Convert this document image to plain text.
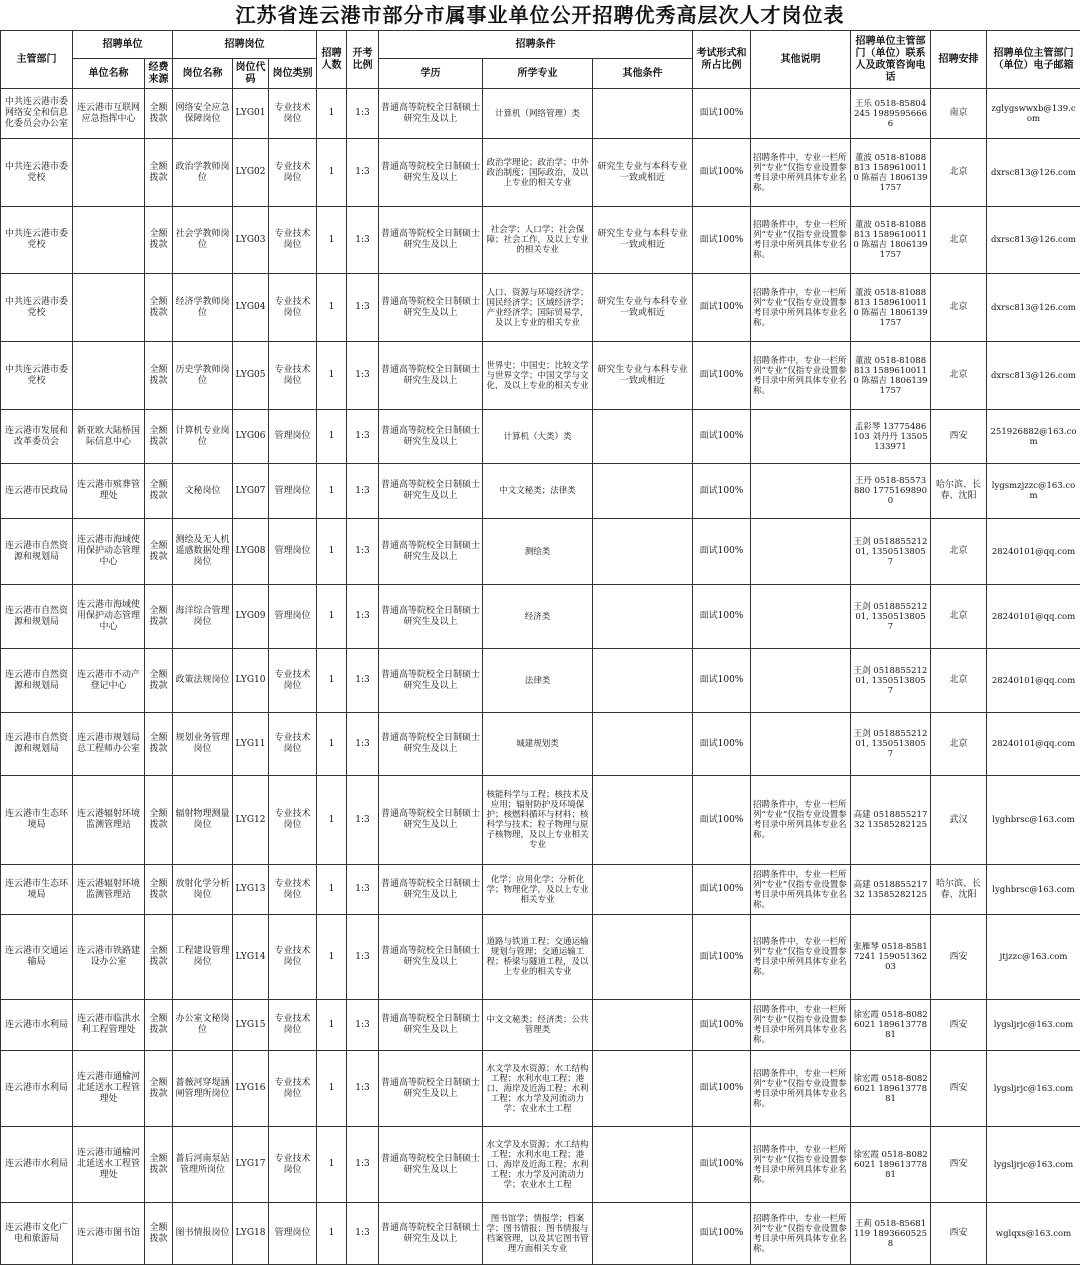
江苏省连云港市部分市属事业单位公开招聘优秀高层次人才岗位表
主管部门	招聘单位		招聘岗位			招聘人数	开考比例	招聘条件			考试形式和所占比例	其他说明	招聘单位主管部门（单位）联系人及政策咨询电话	招聘安排	招聘单位主管部门（单位）电子邮箱
	单位名称	经费来源	岗位名称	岗位代码	岗位类别			学历	所学专业	其他条件					
中共连云港市委网络安全和信息化委员会办公室	连云港市互联网应急指挥中心	全额拨款	网络安全应急保障岗位	LYG01	专业技术岗位	1	1:3	普通高等院校全日制硕士研究生及以上	计算机（网络管理）类		面试100%		王乐 0518-85804245 19895956666	南京	zglygswwxb@139.com
中共连云港市委党校		全额拨款	政治学教师岗位	LYG02	专业技术岗位	1	1:3	普通高等院校全日制硕士研究生及以上	政治学理论；政治学；中外政治制度；国际政治，及以上专业的相关专业	研究生专业与本科专业一致或相近	面试100%	招聘条件中，专业一栏所列“专业”仅指专业设置参考目录中所列具体专业名称。	董波 0518-81088813 15896100110 陈福吉 18061391757	北京	dxrsc813@126.com
中共连云港市委党校		全额拨款	社会学教师岗位	LYG03	专业技术岗位	1	1:3	普通高等院校全日制硕士研究生及以上	社会学；人口学；社会保障；社会工作，及以上专业的相关专业	研究生专业与本科专业一致或相近	面试100%	招聘条件中，专业一栏所列“专业”仅指专业设置参考目录中所列具体专业名称。	董波 0518-81088813 15896100110 陈福吉 18061391757	北京	dxrsc813@126.com
中共连云港市委党校		全额拨款	经济学教师岗位	LYG04	专业技术岗位	1	1:3	普通高等院校全日制硕士研究生及以上	人口、资源与环境经济学；国民经济学；区域经济学；产业经济学；国际贸易学，及以上专业的相关专业	研究生专业与本科专业一致或相近	面试100%	招聘条件中，专业一栏所列“专业”仅指专业设置参考目录中所列具体专业名称。	董波 0518-81088813 15896100110 陈福吉 18061391757	北京	dxrsc813@126.com
中共连云港市委党校		全额拨款	历史学教师岗位	LYG05	专业技术岗位	1	1:3	普通高等院校全日制硕士研究生及以上	世界史；中国史；比较文学与世界文学；中国文学与文化，及以上专业的相关专业	研究生专业与本科专业一致或相近	面试100%	招聘条件中，专业一栏所列“专业”仅指专业设置参考目录中所列具体专业名称。	董波 0518-81088813 15896100110 陈福吉 18061391757	北京	dxrsc813@126.com
连云港市发展和改革委员会	新亚欧大陆桥国际信息中心	全额拨款	计算机专业岗位	LYG06	管理岗位	1	1:3	普通高等院校全日制硕士研究生及以上	计算机（大类）类		面试100%		孟彩琴 13775486103 刘丹丹 13505133971	西安	251926882@163.com
连云港市民政局	连云港市殡葬管理处	全额拨款	文秘岗位	LYG07	管理岗位	1	1:3	普通高等院校全日制硕士研究生及以上	中文文秘类；法律类		面试100%		王丹 0518-85573880 17751698900	哈尔滨、长春、沈阳	lygsmzjzzc@163.com
连云港市自然资源和规划局	连云港市海域使用保护动态管理中心	全额拨款	测绘及无人机遥感数据处理岗位	LYG08	管理岗位	1	1:3	普通高等院校全日制硕士研究生及以上	测绘类		面试100%		王剑 051885521201, 13505138057	北京	28240101@qq.com
连云港市自然资源和规划局	连云港市海域使用保护动态管理中心	全额拨款	海洋综合管理岗位	LYG09	管理岗位	1	1:3	普通高等院校全日制硕士研究生及以上	经济类		面试100%		王剑 051885521201, 13505138057	北京	28240101@qq.com
连云港市自然资源和规划局	连云港市不动产登记中心	全额拨款	政策法规岗位	LYG10	专业技术岗位	1	1:3	普通高等院校全日制硕士研究生及以上	法律类		面试100%		王剑 051885521201, 13505138057	北京	28240101@qq.com
连云港市自然资源和规划局	连云港市规划局总工程师办公室	全额拨款	规划业务管理岗位	LYG11	专业技术岗位	1	1:3	普通高等院校全日制硕士研究生及以上	城建规划类		面试100%		王剑 051885521201, 13505138057	北京	28240101@qq.com
连云港市生态环境局	连云港辐射环境监测管理站	全额拨款	辐射物理测量岗位	LYG12	专业技术岗位	1	1:3	普通高等院校全日制硕士研究生及以上	核能科学与工程；核技术及应用；辐射防护及环境保护；核燃料循环与材料；核科学与技术；粒子物理与原子核物理，及以上专业相关专业		面试100%	招聘条件中，专业一栏所列“专业”仅指专业设置参考目录中所列具体专业名称。	高建 051885521732 13585282125	武汉	lyghbrsc@163.com
连云港市生态环境局	连云港辐射环境监测管理站	全额拨款	放射化学分析岗位	LYG13	专业技术岗位	1	1:3	普通高等院校全日制硕士研究生及以上	化学；应用化学；分析化学；物理化学，及以上专业相关专业		面试100%	招聘条件中，专业一栏所列“专业”仅指专业设置参考目录中所列具体专业名称。	高建 051885521732 13585282125	哈尔滨、长春、沈阳	lyghbrsc@163.com
连云港市交通运输局	连云港市铁路建设办公室	全额拨款	工程建设管理岗位	LYG14	专业技术岗位	1	1:3	普通高等院校全日制硕士研究生及以上	道路与铁道工程；交通运输规划与管理；交通运输工程；桥梁与隧道工程，及以上专业的相关专业		面试100%	招聘条件中，专业一栏所列“专业”仅指专业设置参考目录中所列具体专业名称。	张雁琴 0518-85817241 15905136203	西安	jtjzzc@163.com
连云港市水利局	连云港市临洪水利工程管理处	全额拨款	办公室文秘岗位	LYG15	专业技术岗位	1	1:3	普通高等院校全日制硕士研究生及以上	中文文秘类；经济类；公共管理类		面试100%	招聘条件中，专业一栏所列“专业”仅指专业设置参考目录中所列具体专业名称。	徐宏霞 0518-80826021 18961377881	西安	lygsljrjc@163.com
连云港市水利局	连云港市通榆河北延送水工程管理处	全额拨款	蔷薇河穿堤涵闸管理所岗位	LYG16	专业技术岗位	1	1:3	普通高等院校全日制硕士研究生及以上	水文学及水资源；水工结构工程；水利水电工程；港口、海岸及近海工程；水利工程；水力学及河流动力学；农业水土工程		面试100%	招聘条件中，专业一栏所列“专业”仅指专业设置参考目录中所列具体专业名称。	徐宏霞 0518-80826021 18961377881	西安	lygsljrjc@163.com
连云港市水利局	连云港市通榆河北延送水工程管理处	全额拨款	蔷后河南泵站管理所岗位	LYG17	专业技术岗位	1	1:3	普通高等院校全日制硕士研究生及以上	水文学及水资源；水工结构工程；水利水电工程；港口、海岸及近海工程；水利工程；水力学及河流动力学；农业水土工程		面试100%	招聘条件中，专业一栏所列“专业”仅指专业设置参考目录中所列具体专业名称。	徐宏霞 0518-80826021 18961377881	西安	lygsljrjc@163.com
连云港市文化广电和旅游局	连云港市图书馆	全额拨款	图书情报岗位	LYG18	管理岗位	1	1:3	普通高等院校全日制硕士研究生及以上	图书馆学；情报学；档案学；图书情报；图书情报与档案管理，以及其它图书管理方面相关专业		面试100%	招聘条件中，专业一栏所列“专业”仅指专业设置参考目录中所列具体专业名称。	王莉 0518-85681119 18936605258	西安	wglqxs@163.com
